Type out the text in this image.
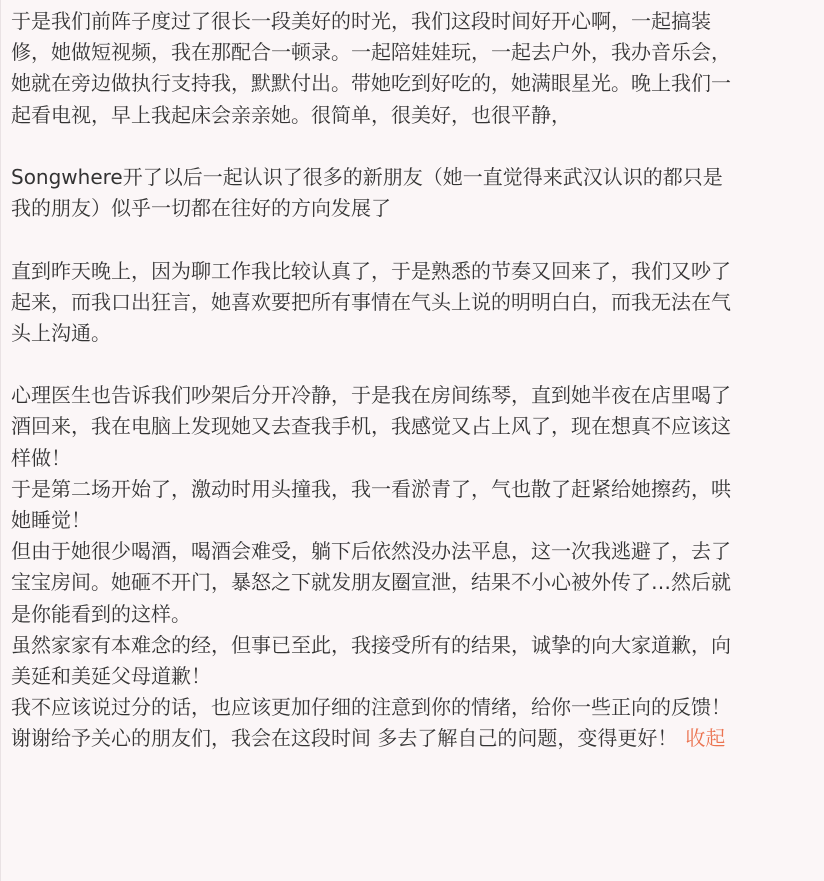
于是我们前阵子度过了很长一段美好的时光，我们这段时间好开心啊，一起搞装
修，她做短视频，我在那配合一顿录。一起陪娃娃玩，一起去户外，我办音乐会，
她就在旁边做执行支持我，默默付出。带她吃到好吃的，她满眼星光。晚上我们一
起看电视，早上我起床会亲亲她。很简单，很美好，也很平静，
Songwhere开了以后一起认识了很多的新朋友（她一直觉得来武汉认识的都只是
我的朋友）似乎一切都在往好的方向发展了
直到昨天晚上，因为聊工作我比较认真了，于是熟悉的节奏又回来了，我们又吵了
起来，而我口出狂言，她喜欢要把所有事情在气头上说的明明白白，而我无法在气
头上沟通。
心理医生也告诉我们吵架后分开冷静，于是我在房间练琴，直到她半夜在店里喝了
酒回来，我在电脑上发现她又去查我手机，我感觉又占上风了，现在想真不应该这
样做！
于是第二场开始了，激动时用头撞我，我一看淤青了，气也散了赶紧给她擦药，哄
她睡觉！
但由于她很少喝酒，喝酒会难受，躺下后依然没办法平息，这一次我逃避了，去了
宝宝房间。她砸不开门，暴怒之下就发朋友圈宣泄，结果不小心被外传了…然后就
是你能看到的这样。
虽然家家有本难念的经，但事已至此，我接受所有的结果，诚挚的向大家道歉，向
美延和美延父母道歉！
我不应该说过分的话，也应该更加仔细的注意到你的情绪，给你一些正向的反馈！
谢谢给予关心的朋友们，我会在这段时间 多去了解自己的问题，变得更好！ 收起
